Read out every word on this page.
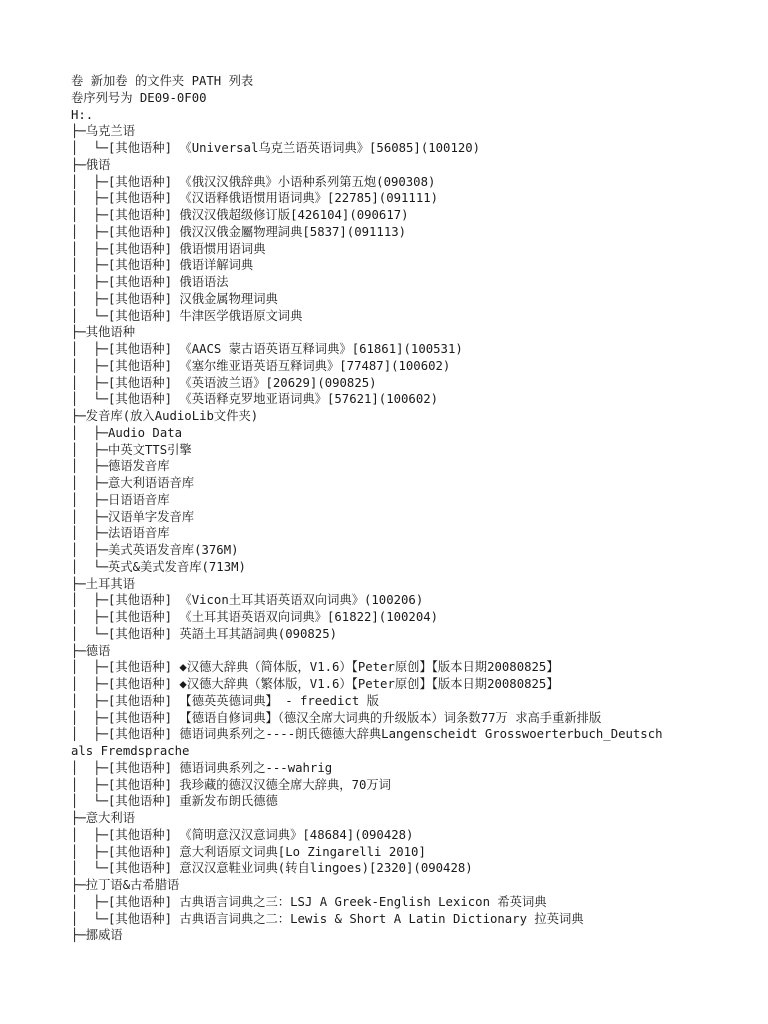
卷 新加卷 的文件夹 PATH 列表
卷序列号为 DE09-0F00
H:.
├─乌克兰语
│  └─[其他语种] 《Universal乌克兰语英语词典》[56085](100120)
├─俄语
│  ├─[其他语种] 《俄汉汉俄辞典》小语种系列第五炮(090308)
│  ├─[其他语种] 《汉语释俄语惯用语词典》[22785](091111)
│  ├─[其他语种] 俄汉汉俄超级修订版[426104](090617)
│  ├─[其他语种] 俄汉汉俄金屬物理詞典[5837](091113)
│  ├─[其他语种] 俄语惯用语词典
│  ├─[其他语种] 俄语详解词典
│  ├─[其他语种] 俄语语法
│  ├─[其他语种] 汉俄金属物理词典
│  └─[其他语种] 牛津医学俄语原文词典
├─其他语种
│  ├─[其他语种] 《AACS 蒙古语英语互释词典》[61861](100531)
│  ├─[其他语种] 《塞尔维亚语英语互释词典》[77487](100602)
│  ├─[其他语种] 《英语波兰语》[20629](090825)
│  └─[其他语种] 《英语释克罗地亚语词典》[57621](100602)
├─发音库(放入AudioLib文件夹)
│  ├─Audio Data
│  ├─中英文TTS引擎
│  ├─德语发音库
│  ├─意大利语语音库
│  ├─日语语音库
│  ├─汉语单字发音库
│  ├─法语语音库
│  ├─美式英语发音库(376M)
│  └─英式&美式发音库(713M)
├─土耳其语
│  ├─[其他语种] 《Vicon土耳其语英语双向词典》(100206)
│  ├─[其他语种] 《土耳其语英语双向词典》[61822](100204)
│  └─[其他语种] 英語土耳其語詞典(090825)
├─德语
│  ├─[其他语种] ◆汉德大辞典（简体版，V1.6）【Peter原创】【版本日期20080825】
│  ├─[其他语种] ◆汉德大辞典（繁体版，V1.6）【Peter原创】【版本日期20080825】
│  ├─[其他语种] 【德英英德词典】 - freedict 版
│  ├─[其他语种] 【德语自修词典】（德汉全席大词典的升级版本）词条数77万 求高手重新排版
│  ├─[其他语种] 德语词典系列之----朗氏德德大辞典Langenscheidt Grosswoerterbuch_Deutsch
als Fremdsprache
│  ├─[其他语种] 德语词典系列之---wahrig
│  ├─[其他语种] 我珍藏的德汉汉德全席大辞典，70万词
│  └─[其他语种] 重新发布朗氏德德
├─意大利语
│  ├─[其他语种] 《简明意汉汉意词典》[48684](090428)
│  ├─[其他语种] 意大利语原文词典[Lo Zingarelli 2010]
│  └─[其他语种] 意汉汉意鞋业词典(转自lingoes)[2320](090428)
├─拉丁语&古希腊语
│  ├─[其他语种] 古典语言词典之三：LSJ A Greek-English Lexicon 希英词典
│  └─[其他语种] 古典语言词典之二：Lewis & Short A Latin Dictionary 拉英词典
├─挪威语
